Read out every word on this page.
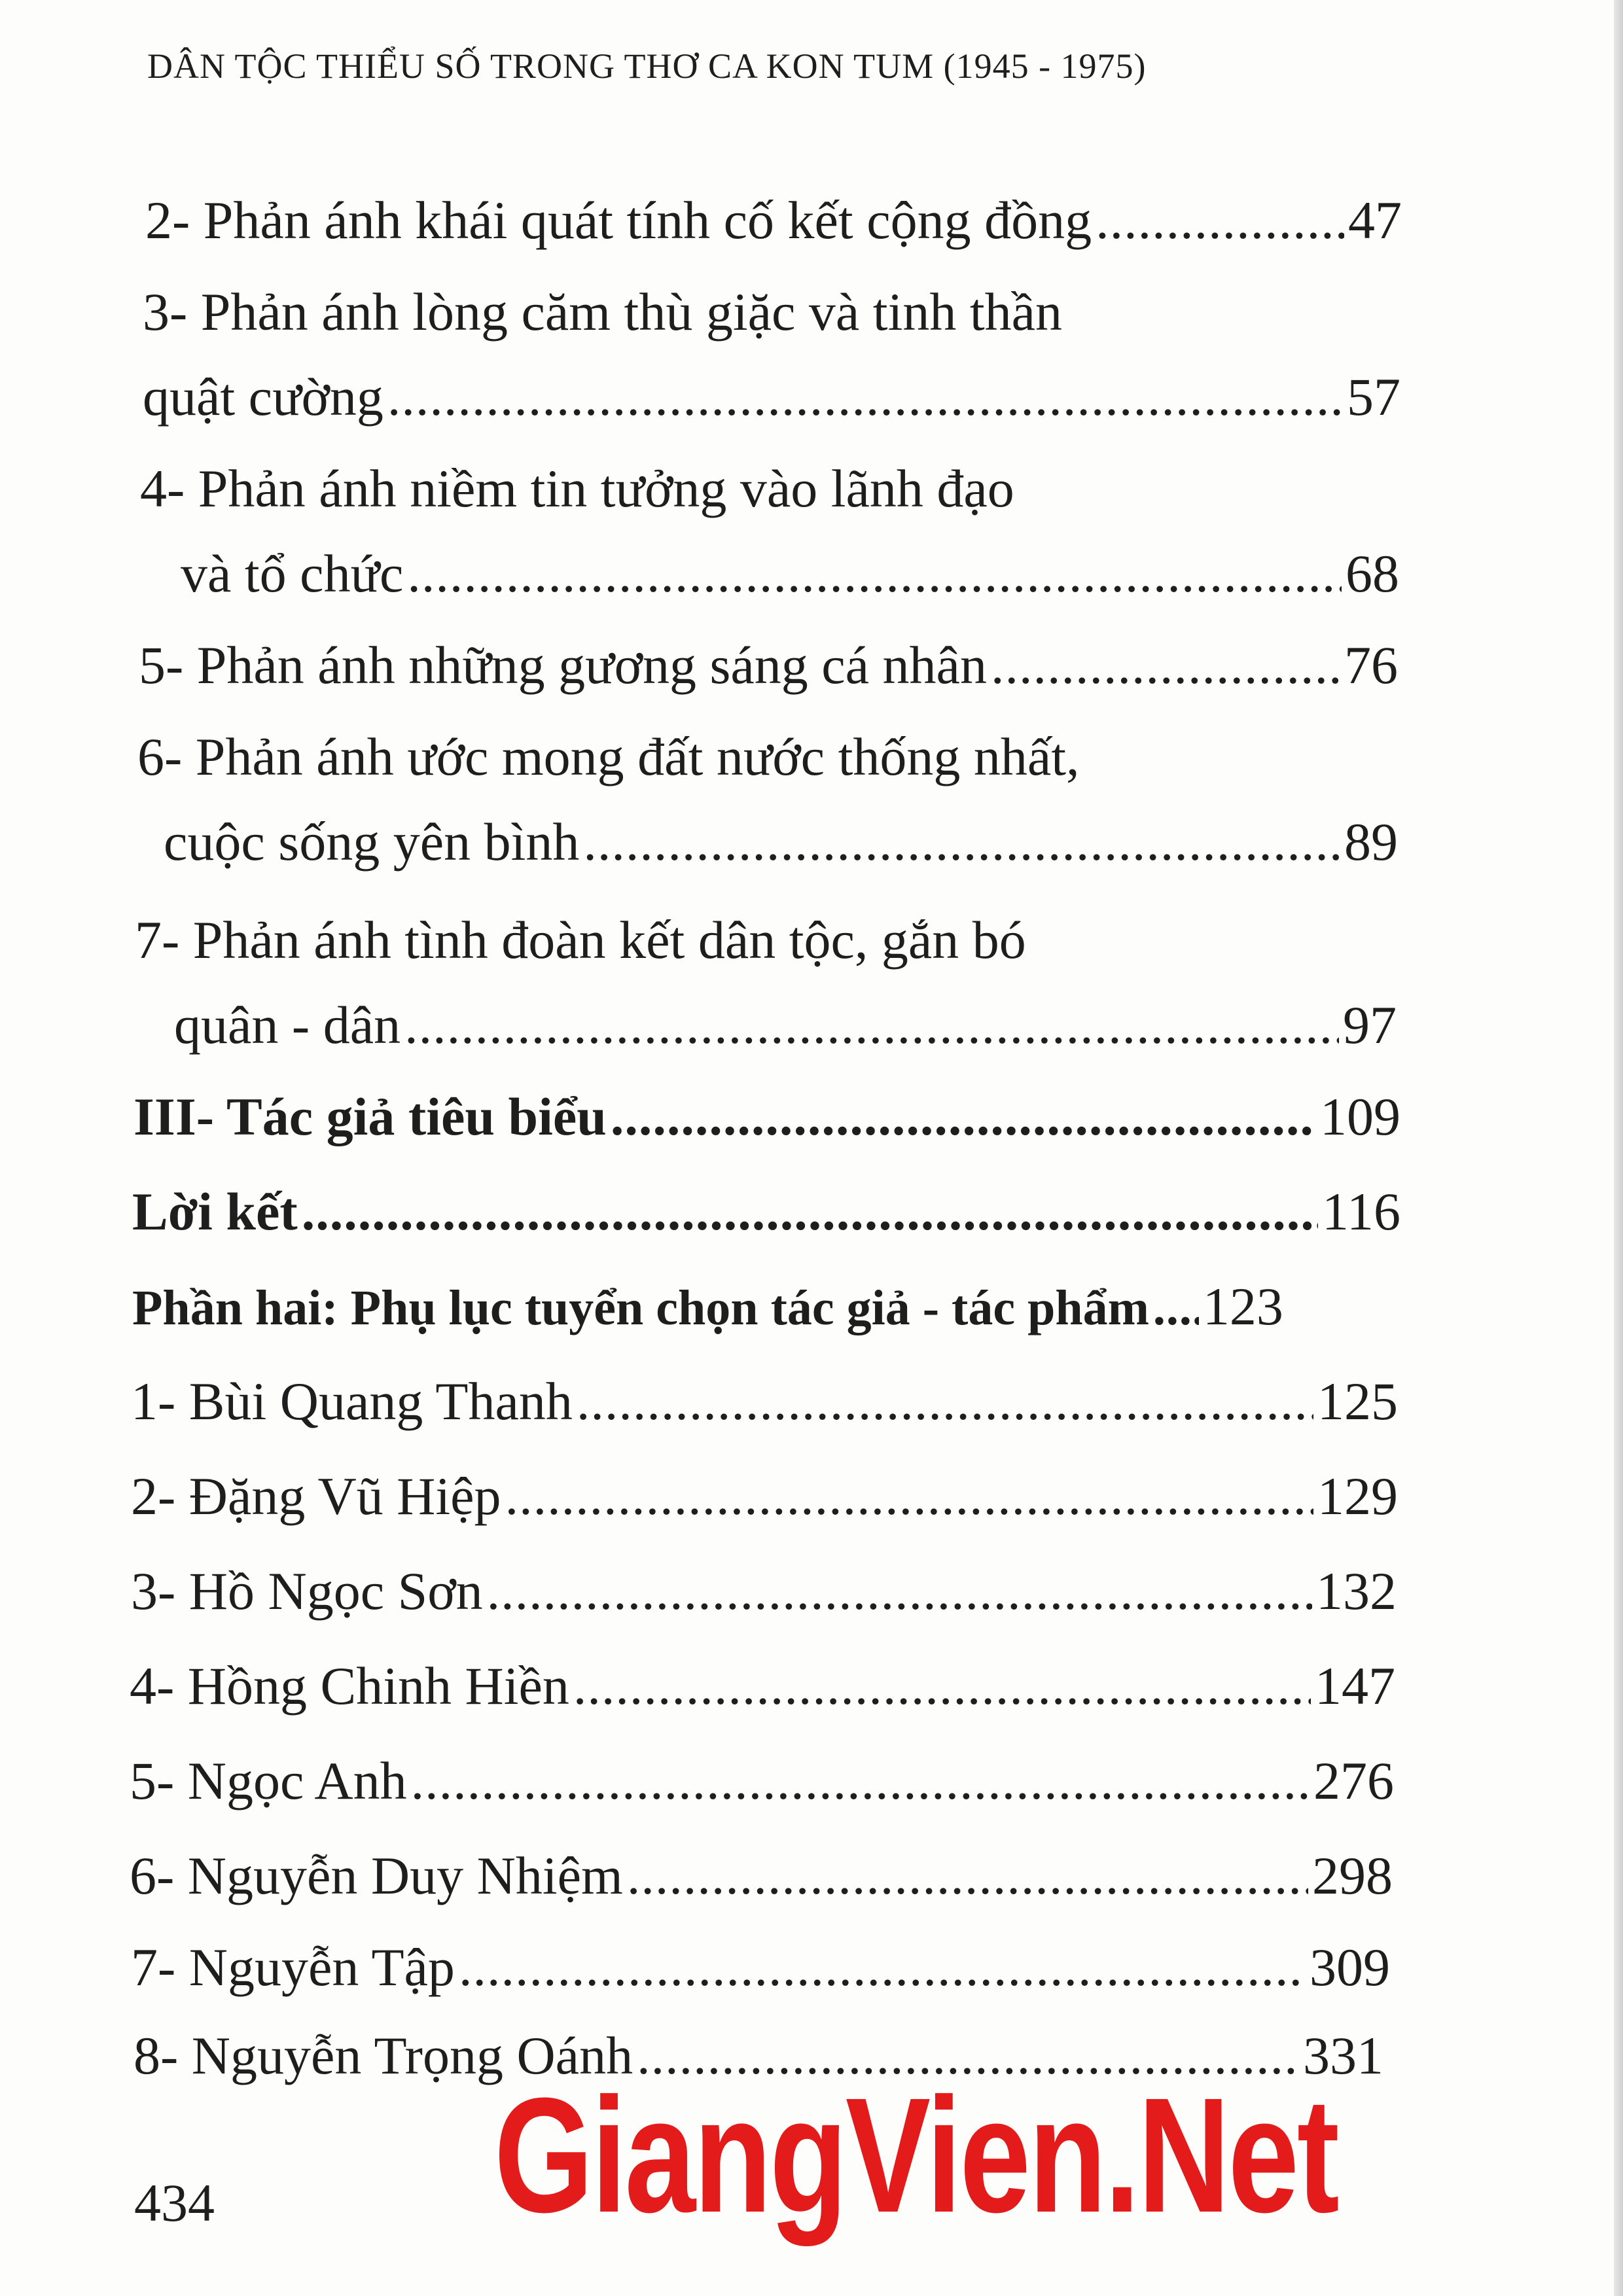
DÂN TỘC THIỂU SỐ TRONG THƠ CA KON TUM (1945 - 1975)
2- Phản ánh khái quát tính cố kết cộng đồng .....	47
3- Phản ánh lòng căm thù giặc và tinh thần
quật cường .....	57
4- Phản ánh niềm tin tưởng vào lãnh đạo
và tổ chức .....	68
5- Phản ánh những gương sáng cá nhân .....	76
6- Phản ánh ước mong đất nước thống nhất,
cuộc sống yên bình .....	89
7- Phản ánh tình đoàn kết dân tộc, gắn bó
quân - dân .....	97
III- Tác giả tiêu biểu .....	109
Lời kết .....	116
Phần hai: Phụ lục tuyển chọn tác giả - tác phẩm ..... 123
1- Bùi Quang Thanh .....	125
2- Đặng Vũ Hiệp .....	129
3- Hồ Ngọc Sơn .....	132
4- Hồng Chinh Hiền .....	147
5- Ngọc Anh .....	276
6- Nguyễn Duy Nhiệm .....	298
7- Nguyễn Tập .....	309
8- Nguyễn Trọng Oánh .....	331
434 GiangVien.Net
